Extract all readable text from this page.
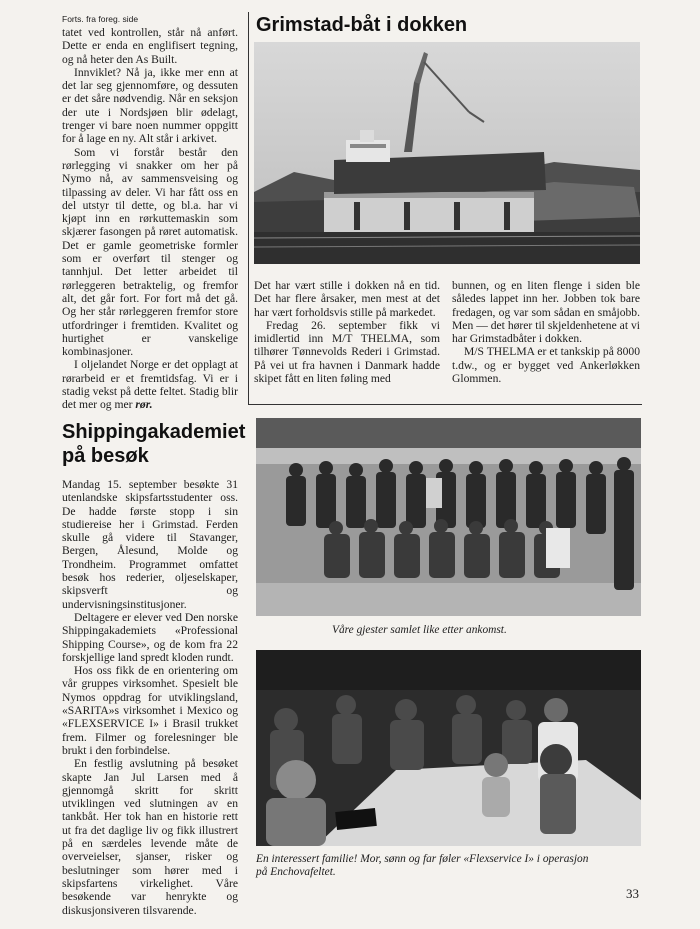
Forts. fra foreg. side

tatet ved kontrollen, står nå anført. Dette er enda en englifisert tegning, og nå heter den As Built.

Innviklet? Nå ja, ikke mer enn at det lar seg gjennomføre, og dessuten er det såre nødvendig. Når en seksjon der ute i Nordsjøen blir ødelagt, trenger vi bare noen nummer oppgitt for å lage en ny. Alt står i arkivet.

Som vi forstår består den rørlegging vi snakker om her på Nymo nå, av sammensveising og tilpassing av deler. Vi har fått oss en del utstyr til dette, og bl.a. har vi kjøpt inn en rørkuttemaskin som skjærer fasongen på røret automatisk. Det er gamle geometriske formler som er overført til stenger og tannhjul. Det letter arbeidet til rørleggeren betraktelig, og fremfor alt, det går fort. For fort må det gå. Og her står rørleggeren fremfor store utfordringer i fremtiden. Kvalitet og hurtighet er vanskelige kombinasjoner.

I oljelandet Norge er det opplagt at rørarbeid er et fremtidsfag. Vi er i stadig vekst på dette feltet. Stadig blir det mer og mer rør.

Grimstad-båt i dokken

Det har vært stille i dokken nå en tid. Det har flere årsaker, men mest at det har vært forholdsvis stille på markedet.

Fredag 26. september fikk vi imidlertid inn M/T THELMA, som tilhører Tønnevolds Rederi i Grimstad. På vei ut fra havnen i Danmark hadde skipet fått en liten føling med

bunnen, og en liten flenge i siden ble således lappet inn her. Jobben tok bare fredagen, og var som sådan en småjobb. Men — det hører til skjeldenhetene at vi har Grimstadbåter i dokken.

M/S THELMA er et tankskip på 8000 t.dw., og er bygget ved Ankerløkken Glommen.

Shippingakademiet
på besøk

Mandag 15. september besøkte 31 utenlandske skipsfartsstudenter oss. De hadde første stopp i sin studiereise her i Grimstad. Ferden skulle gå videre til Stavanger, Bergen, Ålesund, Molde og Trondheim. Programmet omfattet besøk hos rederier, oljeselskaper, skipsverft og undervisningsinstitusjoner.

Deltagere er elever ved Den norske Shippingakademiets «Professional Shipping Course», og de kom fra 22 forskjellige land spredt kloden rundt.

Hos oss fikk de en orientering om vår gruppes virksomhet. Spesielt ble Nymos oppdrag for utviklingsland, «SARITA»s virksomhet i Mexico og «FLEXSERVICE I» i Brasil trukket frem. Filmer og forelesninger ble brukt i den forbindelse.

En festlig avslutning på besøket skapte Jan Jul Larsen med å gjennomgå skritt for skritt utviklingen ved slutningen av en tankbåt. Her tok han en historie rett ut fra det daglige liv og fikk illustrert på en særdeles levende måte de overveielser, sjanser, risker og beslutninger som hører med i skipsfartens virkelighet. Våre besøkende var henrykte og diskusjonsiveren tilsvarende.

Våre gjester samlet like etter ankomst.
En interessert familie! Mor, sønn og far føler «Flexservice I» i operasjon
på Enchovafeltet.
33
